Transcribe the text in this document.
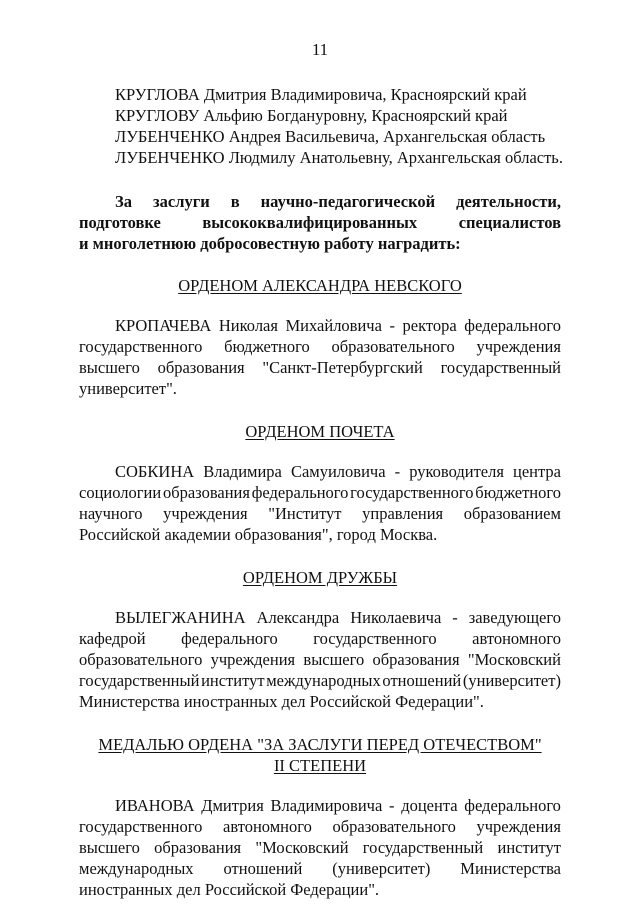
11
КРУГЛОВА Дмитрия Владимировича, Красноярский край
КРУГЛОВУ Альфию Богдануровну, Красноярский край
ЛУБЕНЧЕНКО Андрея Васильевича, Архангельская область
ЛУБЕНЧЕНКО Людмилу Анатольевну, Архангельская область.
За заслуги в научно-педагогической деятельности,
подготовке	высококвалифицированных	специалистов
и многолетнюю добросовестную работу наградить:
ОРДЕНОМ АЛЕКСАНДРА НЕВСКОГО
КРОПАЧЕВА Николая Михайловича - ректора федерального
государственного бюджетного образовательного учреждения
высшего образования "Санкт-Петербургский государственный
университет".
ОРДЕНОМ ПОЧЕТА
СОБКИНА Владимира Самуиловича - руководителя центра
социологии образования федерального государственного бюджетного
научного учреждения "Институт управления образованием
Российской академии образования", город Москва.
ОРДЕНОМ ДРУЖБЫ
ВЫЛЕГЖАНИНА Александра Николаевича - заведующего
кафедрой федерального государственного автономного
образовательного учреждения высшего образования "Московский
государственный институт международных отношений (университет)
Министерства иностранных дел Российской Федерации".
МЕДАЛЬЮ ОРДЕНА "ЗА ЗАСЛУГИ ПЕРЕД ОТЕЧЕСТВОМ"
II СТЕПЕНИ
ИВАНОВА Дмитрия Владимировича - доцента федерального
государственного автономного образовательного учреждения
высшего образования "Московский государственный институт
международных отношений (университет) Министерства
иностранных дел Российской Федерации".
